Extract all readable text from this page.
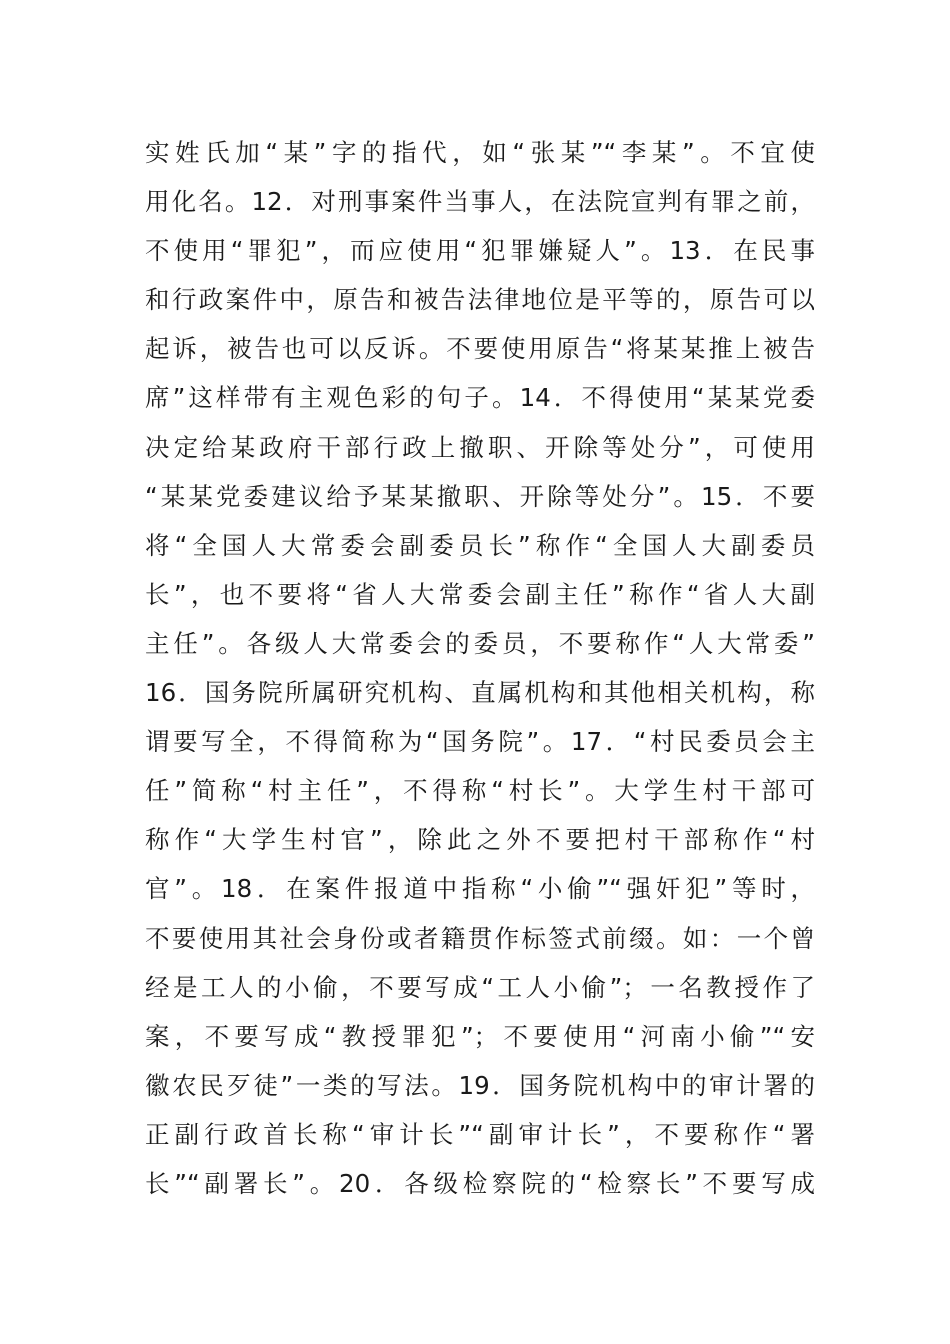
实姓氏加“某”字的指代，如“张某”“李某”。不宜使
用化名。12．对刑事案件当事人，在法院宣判有罪之前，
不使用“罪犯”，而应使用“犯罪嫌疑人”。13．在民事
和行政案件中，原告和被告法律地位是平等的，原告可以
起诉，被告也可以反诉。不要使用原告“将某某推上被告
席”这样带有主观色彩的句子。14．不得使用“某某党委
决定给某政府干部行政上撤职、开除等处分”，可使用
“某某党委建议给予某某撤职、开除等处分”。15．不要
将“全国人大常委会副委员长”称作“全国人大副委员
长”，也不要将“省人大常委会副主任”称作“省人大副
主任”。各级人大常委会的委员，不要称作“人大常委”
16．国务院所属研究机构、直属机构和其他相关机构，称
谓要写全，不得简称为“国务院”。17．“村民委员会主
任”简称“村主任”，不得称“村长”。大学生村干部可
称作“大学生村官”，除此之外不要把村干部称作“村
官”。18．在案件报道中指称“小偷”“强奸犯”等时，
不要使用其社会身份或者籍贯作标签式前缀。如：一个曾
经是工人的小偷，不要写成“工人小偷”；一名教授作了
案，不要写成“教授罪犯”；不要使用“河南小偷”“安
徽农民歹徒”一类的写法。19．国务院机构中的审计署的
正副行政首长称“审计长”“副审计长”，不要称作“署
长”“副署长”。20．各级检察院的“检察长”不要写成
